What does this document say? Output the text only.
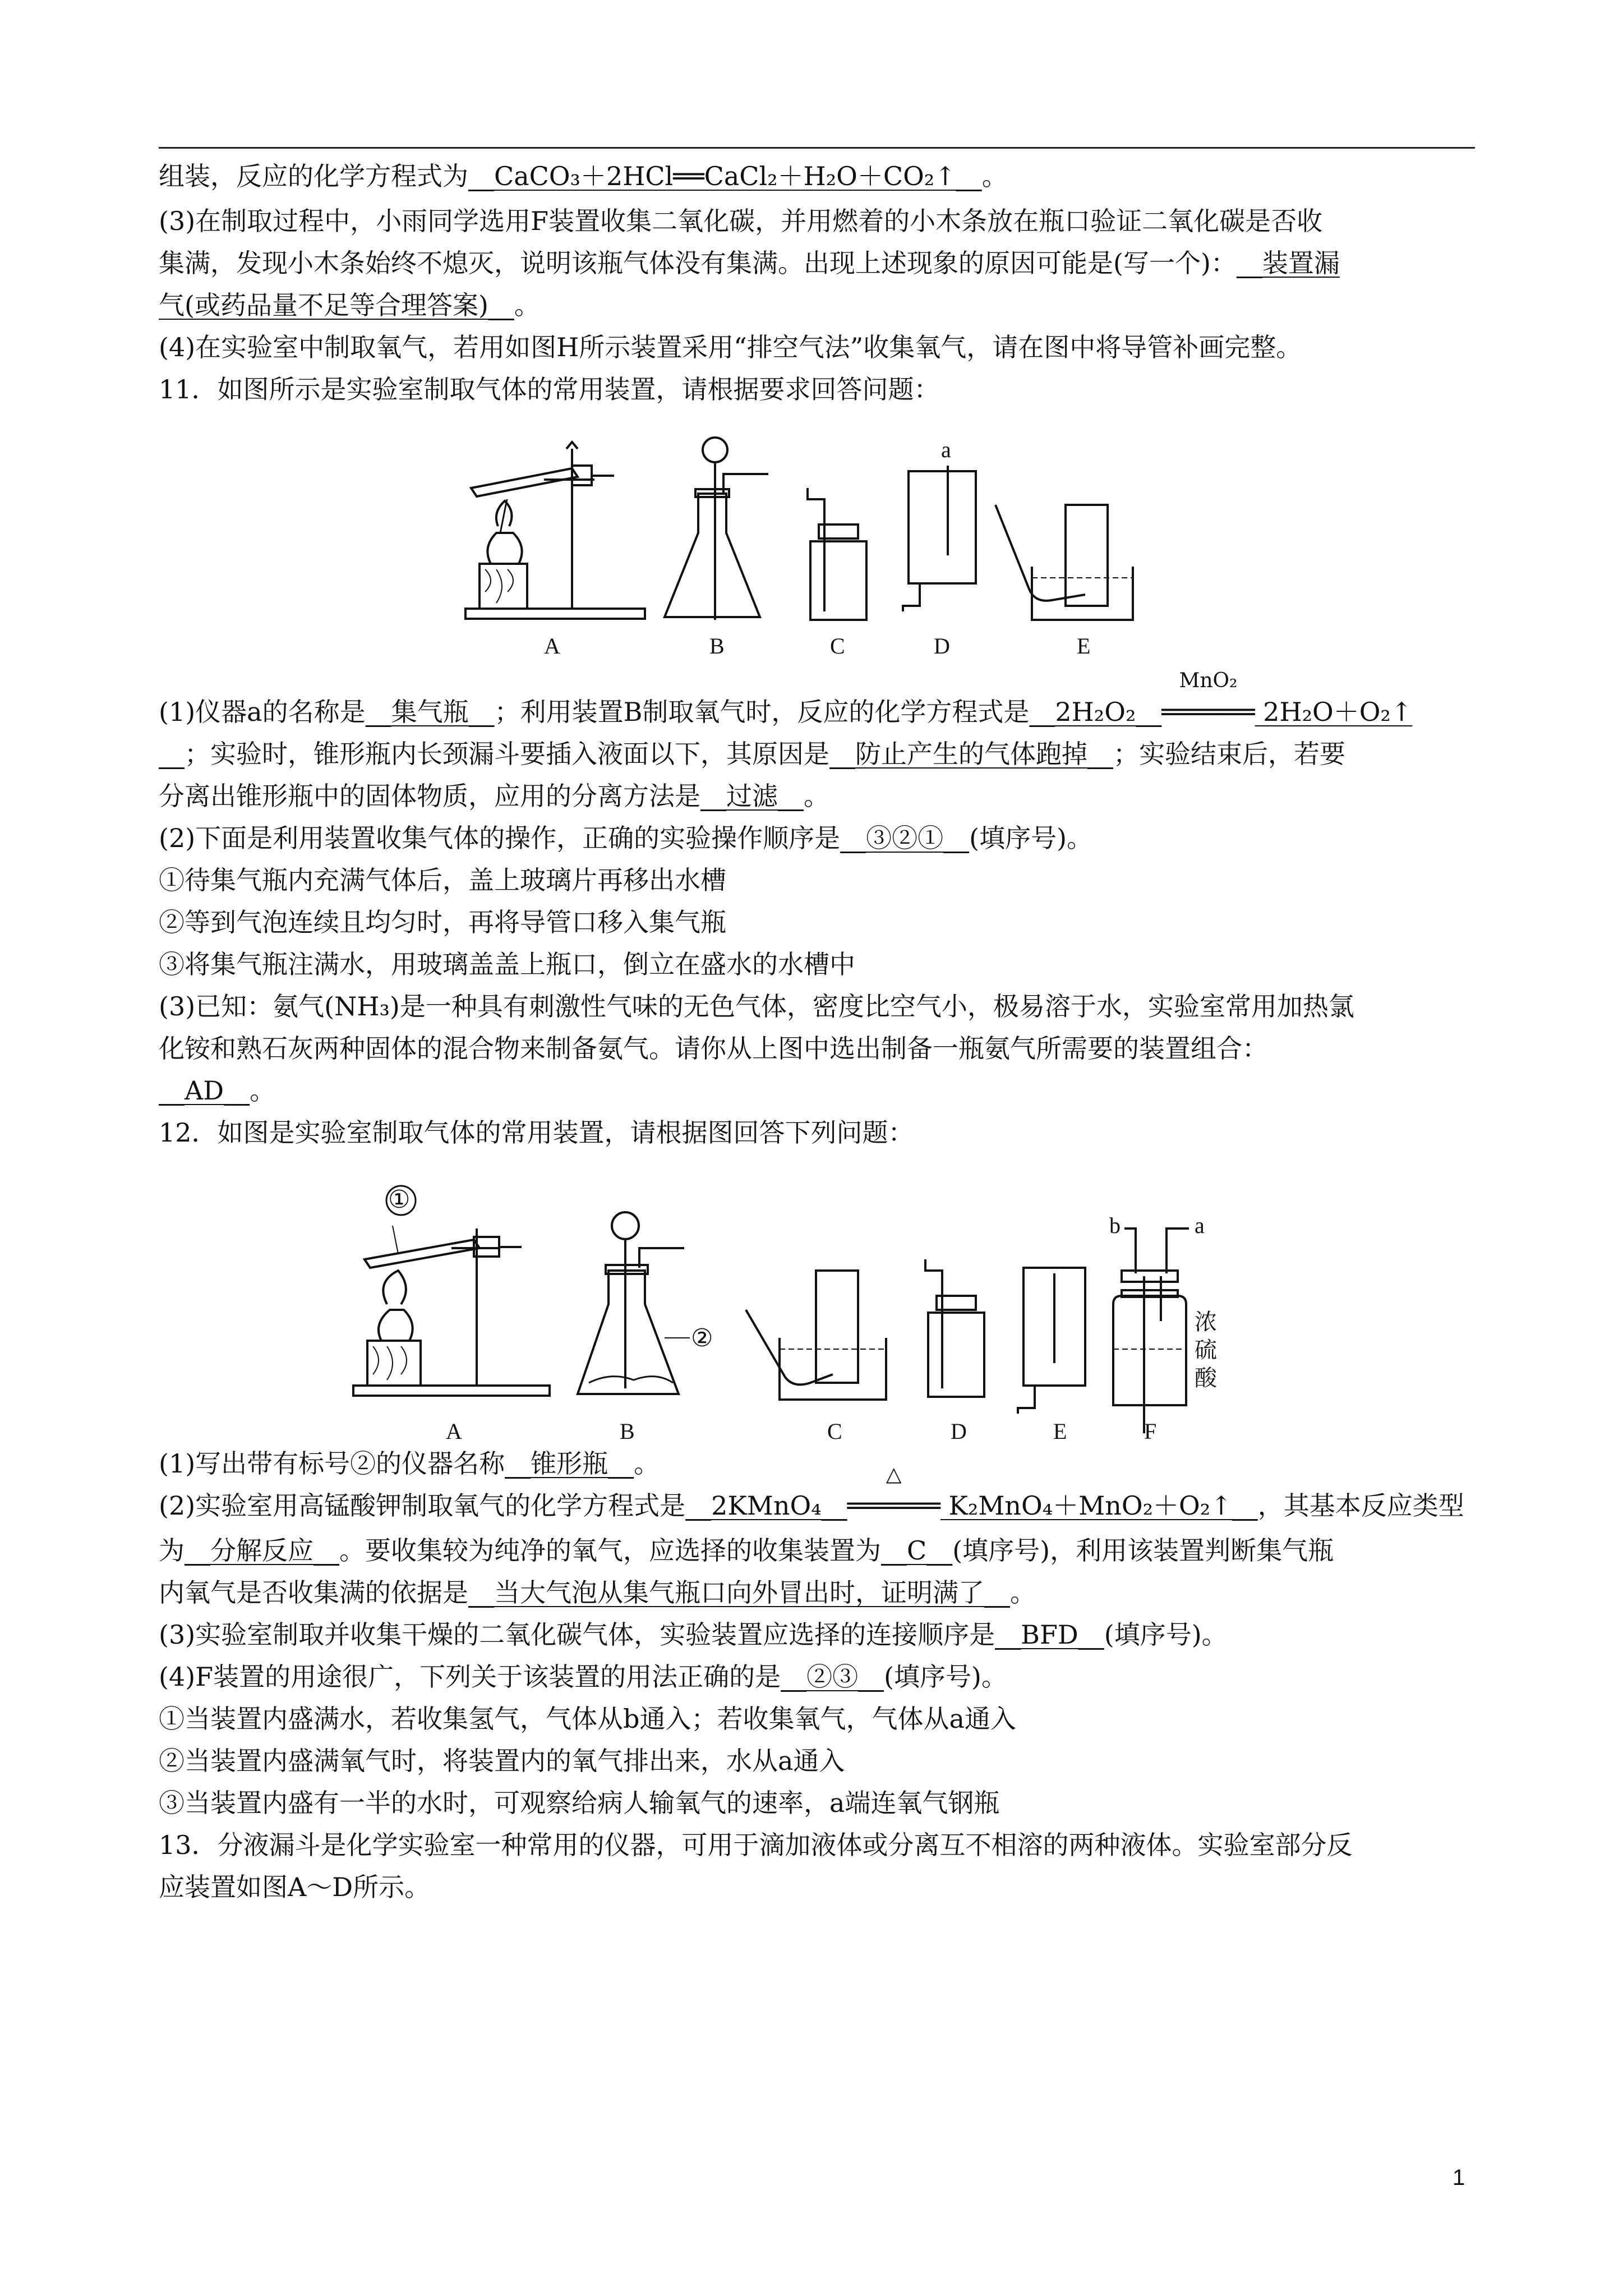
组装，反应的化学方程式为__CaCO₃＋2HCl══CaCl₂＋H₂O＋CO₂↑__。
(3)在制取过程中，小雨同学选用F装置收集二氧化碳，并用燃着的小木条放在瓶口验证二氧化碳是否收
集满，发现小木条始终不熄灭，说明该瓶气体没有集满。出现上述现象的原因可能是(写一个)：__装置漏
气(或药品量不足等合理答案)__。
(4)在实验室中制取氧气，若用如图H所示装置采用“排空气法”收集氧气，请在图中将导管补画完整。
11．如图所示是实验室制取气体的常用装置，请根据要求回答问题：
(1)仪器a的名称是__集气瓶__；利用装置B制取氧气时，反应的化学方程式是__2H₂O₂__
MnO₂
══════ 2H₂O＋O₂↑
__；实验时，锥形瓶内长颈漏斗要插入液面以下，其原因是__防止产生的气体跑掉__；实验结束后，若要
分离出锥形瓶中的固体物质，应用的分离方法是__过滤__。
(2)下面是利用装置收集气体的操作，正确的实验操作顺序是__③②①__(填序号)。
①待集气瓶内充满气体后，盖上玻璃片再移出水槽
②等到气泡连续且均匀时，再将导管口移入集气瓶
③将集气瓶注满水，用玻璃盖盖上瓶口，倒立在盛水的水槽中
(3)已知：氨气(NH₃)是一种具有刺激性气味的无色气体，密度比空气小，极易溶于水，实验室常用加热氯
化铵和熟石灰两种固体的混合物来制备氨气。请你从上图中选出制备一瓶氨气所需要的装置组合：
__AD__。
12．如图是实验室制取气体的常用装置，请根据图回答下列问题：
(1)写出带有标号②的仪器名称__锥形瓶__。
(2)实验室用高锰酸钾制取氧气的化学方程式是__2KMnO₄__
△
══════ K₂MnO₄＋MnO₂＋O₂↑__，其基本反应类型
为__分解反应__。要收集较为纯净的氧气，应选择的收集装置为__C__(填序号)，利用该装置判断集气瓶
内氧气是否收集满的依据是__当大气泡从集气瓶口向外冒出时，证明满了__。
(3)实验室制取并收集干燥的二氧化碳气体，实验装置应选择的连接顺序是__BFD__(填序号)。
(4)F装置的用途很广，下列关于该装置的用法正确的是__②③__(填序号)。
①当装置内盛满水，若收集氢气，气体从b通入；若收集氧气，气体从a通入
②当装置内盛满氧气时，将装置内的氧气排出来，水从a通入
③当装置内盛有一半的水时，可观察给病人输氧气的速率，a端连氧气钢瓶
13．分液漏斗是化学实验室一种常用的仪器，可用于滴加液体或分离互不相溶的两种液体。实验室部分反
应装置如图A～D所示。
A	B	C
a
D	E
①
A
②
B	C	D	E
b	a
浓
硫
酸
F
1
